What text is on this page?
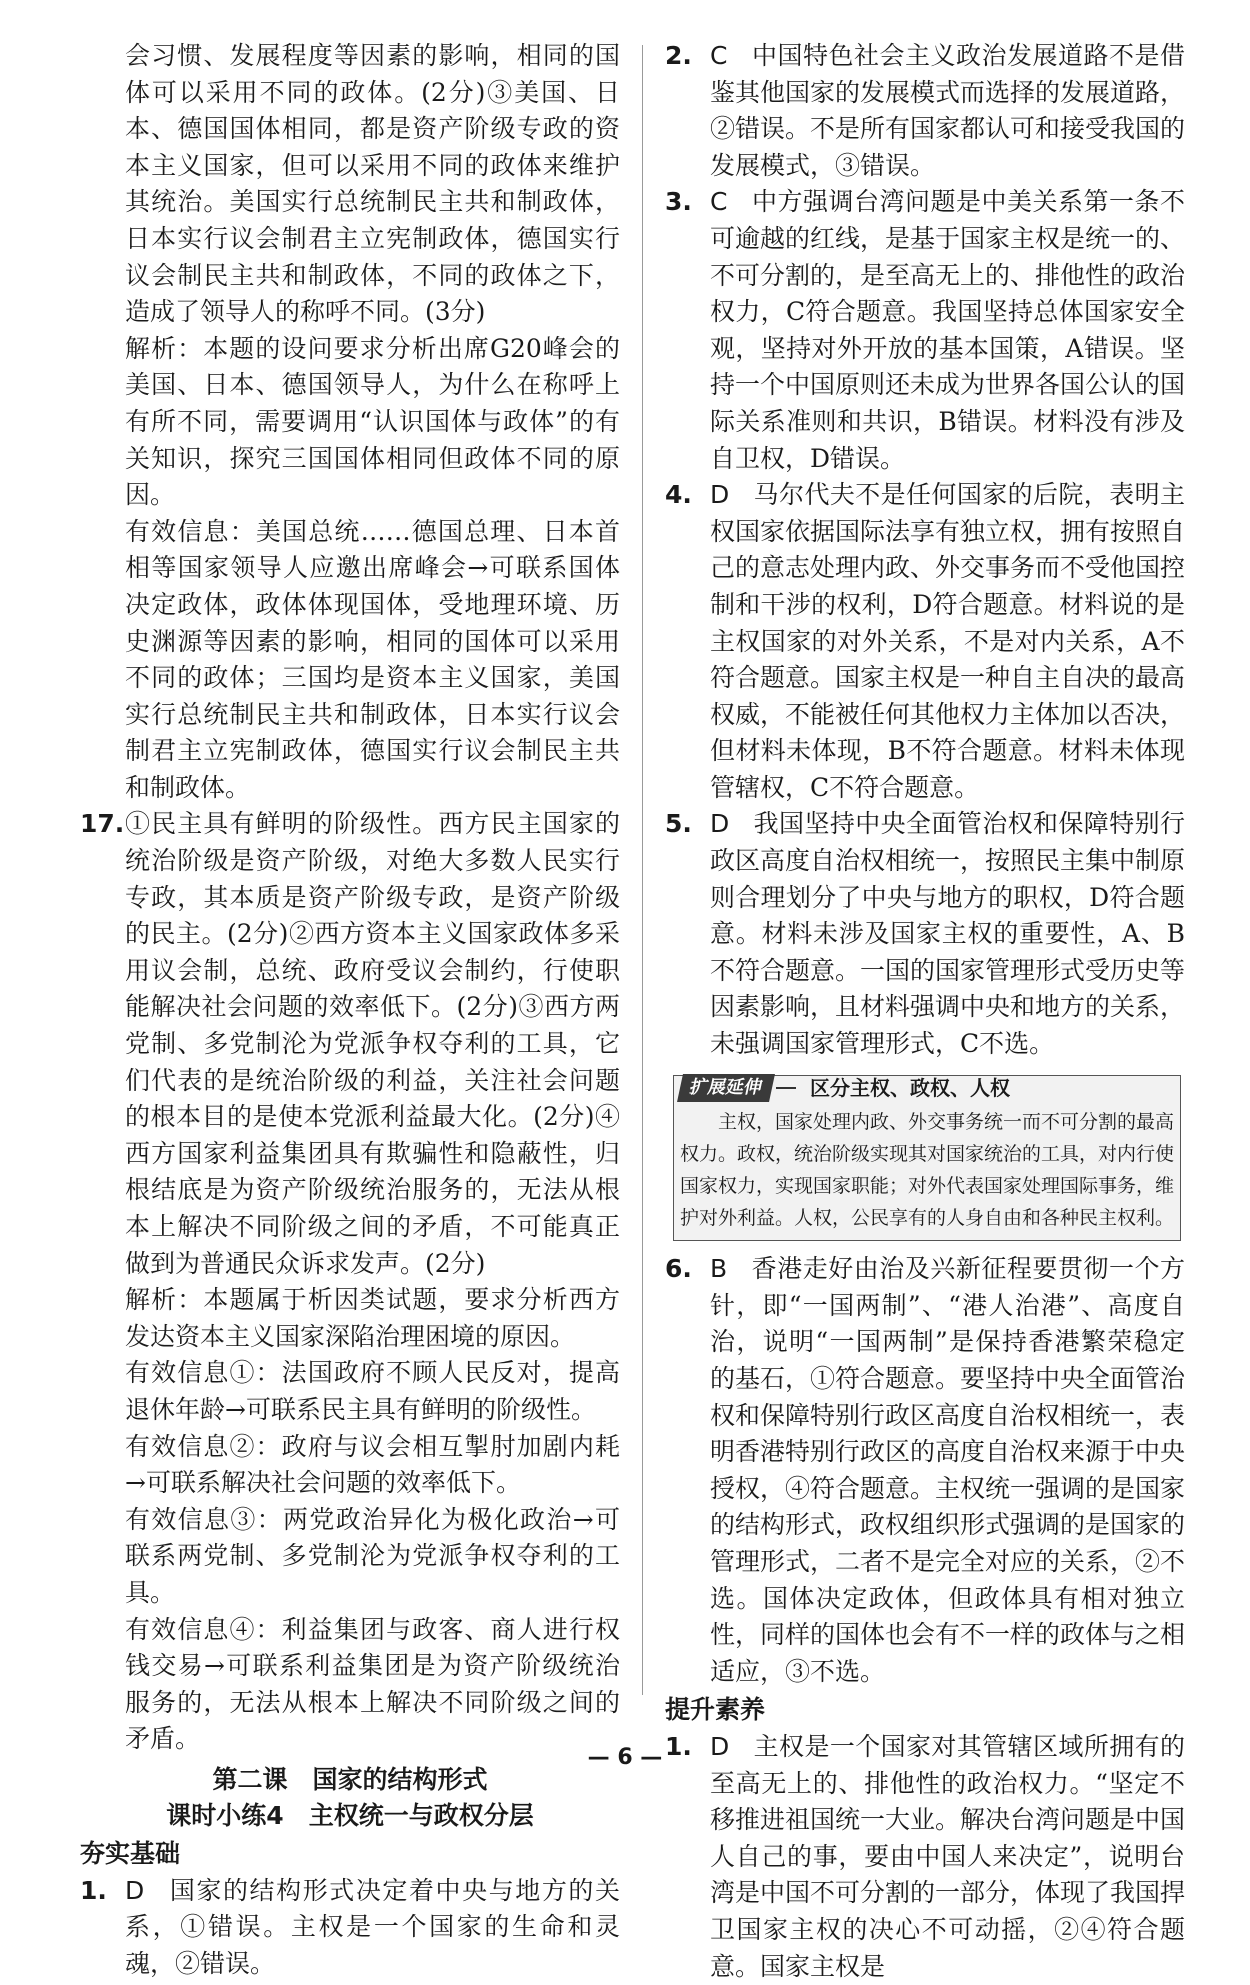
会习惯、发展程度等因素的影响，相同的国体可以采用不同的政体。(2分)③美国、日本、德国国体相同，都是资产阶级专政的资本主义国家，但可以采用不同的政体来维护其统治。美国实行总统制民主共和制政体，日本实行议会制君主立宪制政体，德国实行议会制民主共和制政体，不同的政体之下，造成了领导人的称呼不同。(3分)

解析：本题的设问要求分析出席G20峰会的美国、日本、德国领导人，为什么在称呼上有所不同，需要调用“认识国体与政体”的有关知识，探究三国国体相同但政体不同的原因。

有效信息：美国总统……德国总理、日本首相等国家领导人应邀出席峰会→可联系国体决定政体，政体体现国体，受地理环境、历史渊源等因素的影响，相同的国体可以采用不同的政体；三国均是资本主义国家，美国实行总统制民主共和制政体，日本实行议会制君主立宪制政体，德国实行议会制民主共和制政体。

17. ①民主具有鲜明的阶级性。西方民主国家的统治阶级是资产阶级，对绝大多数人民实行专政，其本质是资产阶级专政，是资产阶级的民主。(2分)②西方资本主义国家政体多采用议会制，总统、政府受议会制约，行使职能解决社会问题的效率低下。(2分)③西方两党制、多党制沦为党派争权夺利的工具，它们代表的是统治阶级的利益，关注社会问题的根本目的是使本党派利益最大化。(2分)④西方国家利益集团具有欺骗性和隐蔽性，归根结底是为资产阶级统治服务的，无法从根本上解决不同阶级之间的矛盾，不可能真正做到为普通民众诉求发声。(2分)

解析：本题属于析因类试题，要求分析西方发达资本主义国家深陷治理困境的原因。

有效信息①：法国政府不顾人民反对，提高退休年龄→可联系民主具有鲜明的阶级性。

有效信息②：政府与议会相互掣肘加剧内耗→可联系解决社会问题的效率低下。

有效信息③：两党政治异化为极化政治→可联系两党制、多党制沦为党派争权夺利的工具。

有效信息④：利益集团与政客、商人进行权钱交易→可联系利益集团是为资产阶级统治服务的，无法从根本上解决不同阶级之间的矛盾。

第二课　国家的结构形式
课时小练4　主权统一与政权分层
夯实基础
1. D 国家的结构形式决定着中央与地方的关系，①错误。主权是一个国家的生命和灵魂，②错误。

2. C 中国特色社会主义政治发展道路不是借鉴其他国家的发展模式而选择的发展道路，②错误。不是所有国家都认可和接受我国的发展模式，③错误。

3. C 中方强调台湾问题是中美关系第一条不可逾越的红线，是基于国家主权是统一的、不可分割的，是至高无上的、排他性的政治权力，C符合题意。我国坚持总体国家安全观，坚持对外开放的基本国策，A错误。坚持一个中国原则还未成为世界各国公认的国际关系准则和共识，B错误。材料没有涉及自卫权，D错误。

4. D 马尔代夫不是任何国家的后院，表明主权国家依据国际法享有独立权，拥有按照自己的意志处理内政、外交事务而不受他国控制和干涉的权利，D符合题意。材料说的是主权国家的对外关系，不是对内关系，A不符合题意。国家主权是一种自主自决的最高权威，不能被任何其他权力主体加以否决，但材料未体现，B不符合题意。材料未体现管辖权，C不符合题意。

5. D 我国坚持中央全面管治权和保障特别行政区高度自治权相统一，按照民主集中制原则合理划分了中央与地方的职权，D符合题意。材料未涉及国家主权的重要性，A、B不符合题意。一国的国家管理形式受历史等因素影响，且材料强调中央和地方的关系，未强调国家管理形式，C不选。

扩展延伸	区分主权、政权、人权

主权，国家处理内政、外交事务统一而不可分割的最高权力。政权，统治阶级实现其对国家统治的工具，对内行使国家权力，实现国家职能；对外代表国家处理国际事务，维护对外利益。人权，公民享有的人身自由和各种民主权利。

6. B 香港走好由治及兴新征程要贯彻一个方针，即“一国两制”、“港人治港”、高度自治，说明“一国两制”是保持香港繁荣稳定的基石，①符合题意。要坚持中央全面管治权和保障特别行政区高度自治权相统一，表明香港特别行政区的高度自治权来源于中央授权，④符合题意。主权统一强调的是国家的结构形式，政权组织形式强调的是国家的管理形式，二者不是完全对应的关系，②不选。国体决定政体，但政体具有相对独立性，同样的国体也会有不一样的政体与之相适应，③不选。

提升素养
1. D 主权是一个国家对其管辖区域所拥有的至高无上的、排他性的政治权力。“坚定不移推进祖国统一大业。解决台湾问题是中国人自己的事，要由中国人来决定”，说明台湾是中国不可分割的一部分，体现了我国捍卫国家主权的决心不可动摇，②④符合题意。国家主权是

— 6 —
